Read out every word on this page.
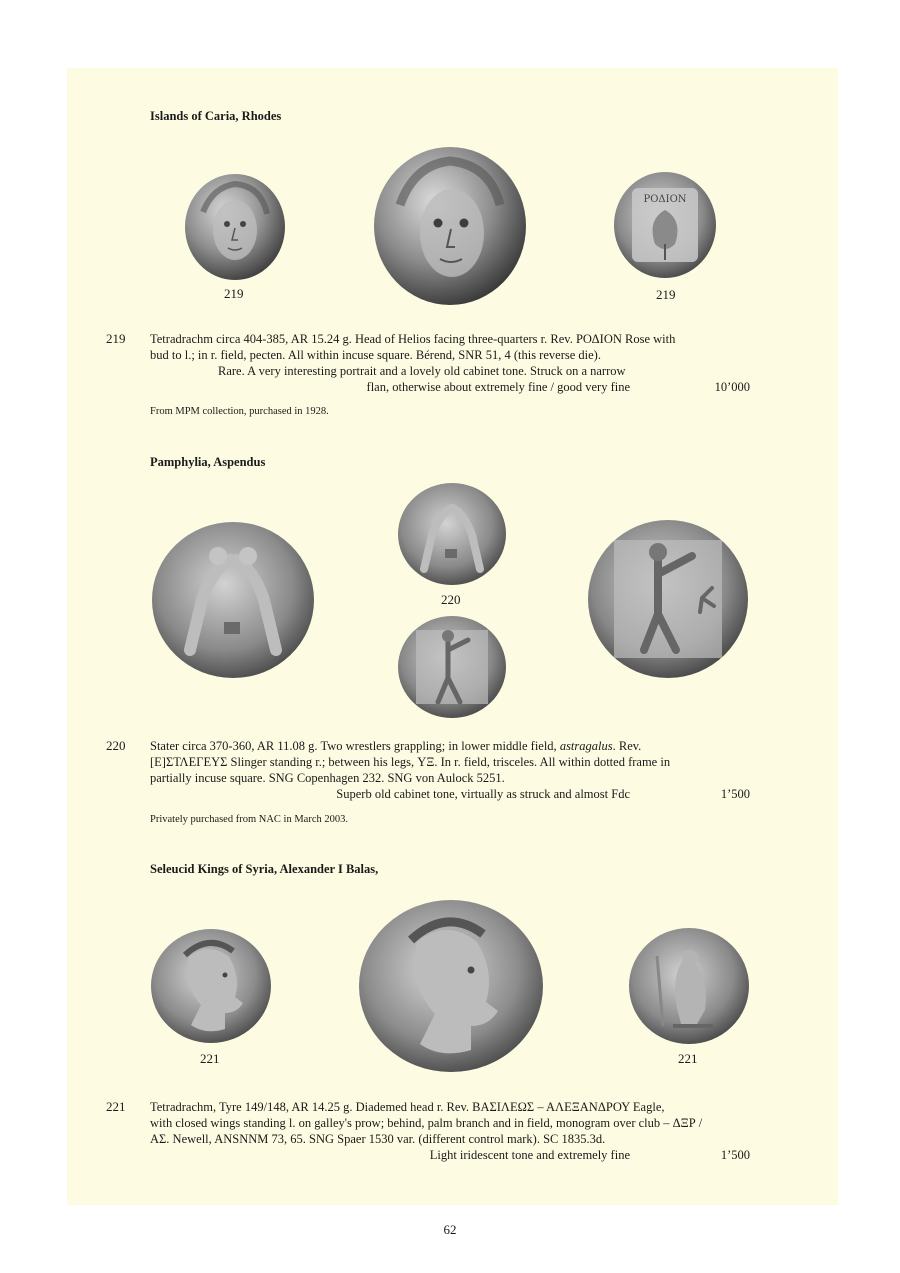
Islands of Caria, Rhodes
ΡΟΔΙΟΝ
219	219
219 Tetradrachm circa 404-385, AR 15.24 g. Head of Helios facing three-quarters r. Rev. ΡΟΔΙΟΝ Rose with
bud to l.; in r. field, pecten. All within incuse square. Bérend, SNR 51, 4 (this reverse die).
Rare. A very interesting portrait and a lovely old cabinet tone. Struck on a narrow
flan, otherwise about extremely fine / good very fine	10’000
From MPM collection, purchased in 1928.
Pamphylia, Aspendus
220
220 Stater circa 370-360, AR 11.08 g. Two wrestlers grappling; in lower middle field, astragalus. Rev.
[Ε]ΣΤΛΕΓΕΥΣ Slinger standing r.; between his legs, ΥΞ. In r. field, trisceles. All within dotted frame in
partially incuse square. SNG Copenhagen 232. SNG von Aulock 5251.
Superb old cabinet tone, virtually as struck and almost Fdc	1’500
Privately purchased from NAC in March 2003.
Seleucid Kings of Syria, Alexander I Balas,
221	221
221 Tetradrachm, Tyre 149/148, AR 14.25 g. Diademed head r. Rev. ΒΑΣΙΛΕΩΣ – ΑΛΕΞΑΝΔΡΟΥ Eagle,
with closed wings standing l. on galley's prow; behind, palm branch and in field, monogram over club – ΔΞΡ /
ΑΣ. Newell, ANSNNM 73, 65. SNG Spaer 1530 var. (different control mark). SC 1835.3d.
Light iridescent tone and extremely fine	1’500
62
